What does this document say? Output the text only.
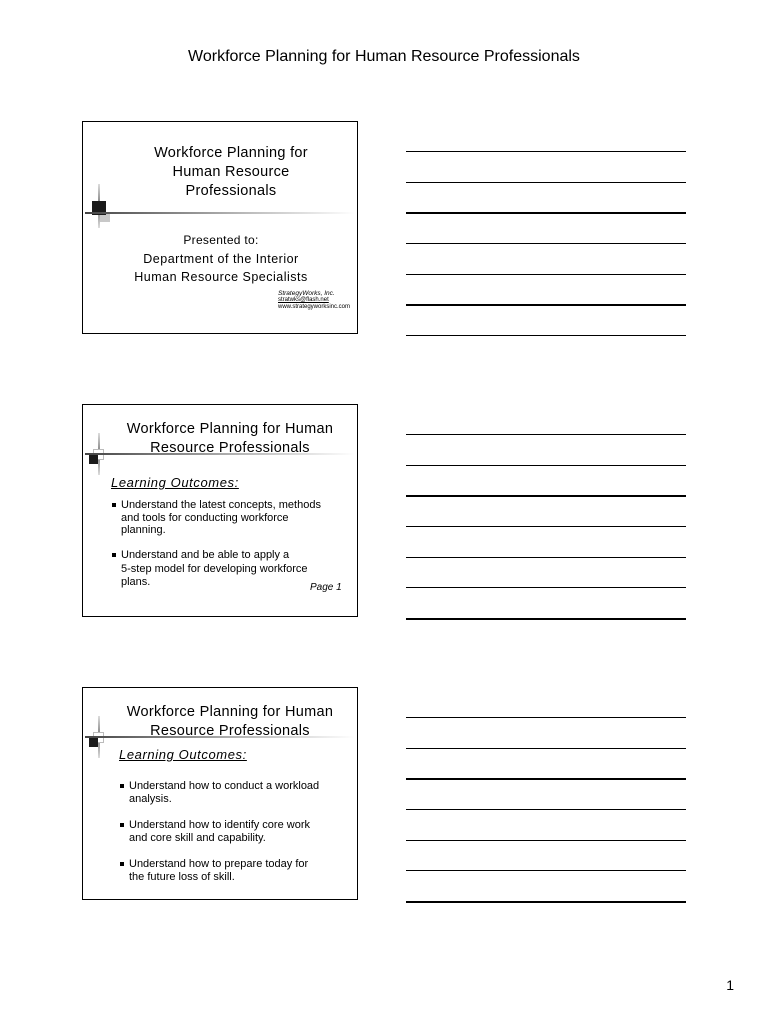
Workforce Planning for Human Resource Professionals
Workforce Planning for
Human Resource
Professionals
Presented to:
Department of the Interior
Human Resource Specialists
StrategyWorks, Inc.
stratwks@flash.net
www.strategyworksinc.com
Workforce Planning for Human
Resource Professionals
Learning Outcomes:
Understand the latest concepts, methods
and tools for conducting workforce
planning.
Understand and be able to apply a
5-step model for developing workforce
plans.	Page 1
Workforce Planning for Human
Resource Professionals
Learning Outcomes:
Understand how to conduct a workload
analysis.
Understand how to identify core work
and core skill and capability.
Understand how to prepare today for
the future loss of skill.
1
